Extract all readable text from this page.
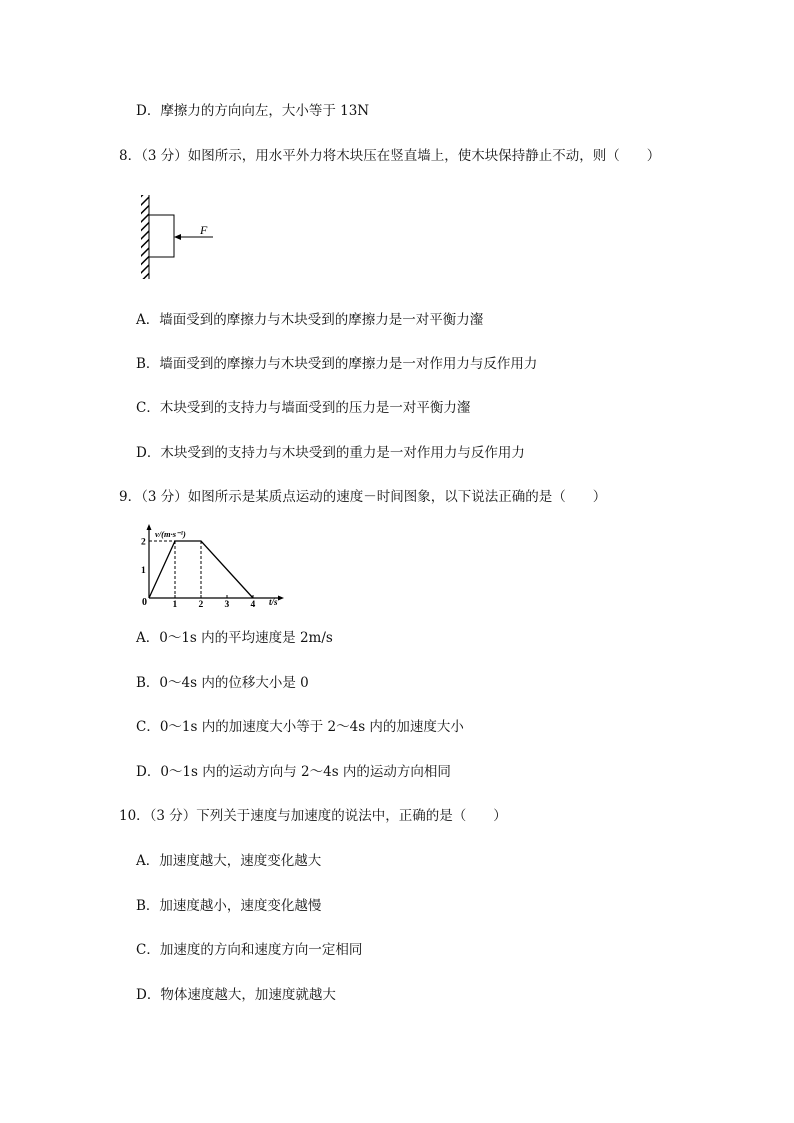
D．摩擦力的方向向左，大小等于 13N
8．（3 分）如图所示，用水平外力将木块压在竖直墙上，使木块保持静止不动，则（　　）
F
A．墙面受到的摩擦力与木块受到的摩擦力是一对平衡力瀣
B．墙面受到的摩擦力与木块受到的摩擦力是一对作用力与反作用力
C．木块受到的支持力与墙面受到的压力是一对平衡力瀣
D．木块受到的支持力与木块受到的重力是一对作用力与反作用力
9．（3 分）如图所示是某质点运动的速度－时间图象，以下说法正确的是（　　）
v/(m·s⁻¹)
t/s
0	1 2 3 4
1
2
A．0～1s 内的平均速度是 2m/s
B．0～4s 内的位移大小是 0
C．0～1s 内的加速度大小等于 2～4s 内的加速度大小
D．0～1s 内的运动方向与 2～4s 内的运动方向相同
10．（3 分）下列关于速度与加速度的说法中，正确的是（　　）
A．加速度越大，速度变化越大
B．加速度越小，速度变化越慢
C．加速度的方向和速度方向一定相同
D．物体速度越大，加速度就越大
